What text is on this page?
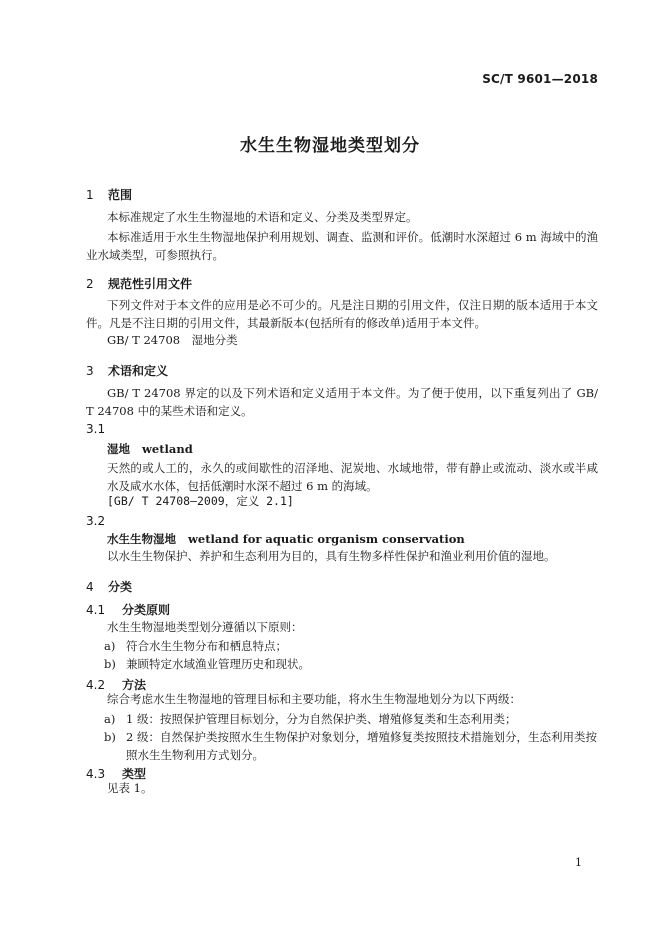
SC/T 9601—2018
水生生物湿地类型划分
1 范围
本标准规定了水生生物湿地的术语和定义、分类及类型界定。
本标准适用于水生生物湿地保护利用规划、调查、监测和评价。低潮时水深超过 6 m 海域中的渔业水域类型，可参照执行。
2 规范性引用文件
下列文件对于本文件的应用是必不可少的。凡是注日期的引用文件，仅注日期的版本适用于本文件。凡是不注日期的引用文件，其最新版本(包括所有的修改单)适用于本文件。
GB/ T 24708　湿地分类
3 术语和定义
GB/ T 24708 界定的以及下列术语和定义适用于本文件。为了便于使用，以下重复列出了 GB/ T 24708 中的某些术语和定义。
3.1
湿地 wetland
天然的或人工的，永久的或间歇性的沼泽地、泥炭地、水域地带，带有静止或流动、淡水或半咸水及咸水水体，包括低潮时水深不超过 6 m 的海域。
[GB/ T 24708—2009，定义 2.1]
3.2
水生生物湿地 wetland for aquatic organism conservation
以水生生物保护、养护和生态利用为目的，具有生物多样性保护和渔业利用价值的湿地。
4 分类
4.1 分类原则
水生生物湿地类型划分遵循以下原则：
a) 符合水生生物分布和栖息特点；
b) 兼顾特定水域渔业管理历史和现状。
4.2 方法
综合考虑水生生物湿地的管理目标和主要功能，将水生生物湿地划分为以下两级：
a) 1 级：按照保护管理目标划分，分为自然保护类、增殖修复类和生态利用类；
b) 2 级：自然保护类按照水生生物保护对象划分，增殖修复类按照技术措施划分，生态利用类按照水生生物利用方式划分。
4.3 类型
见表 1。
1
